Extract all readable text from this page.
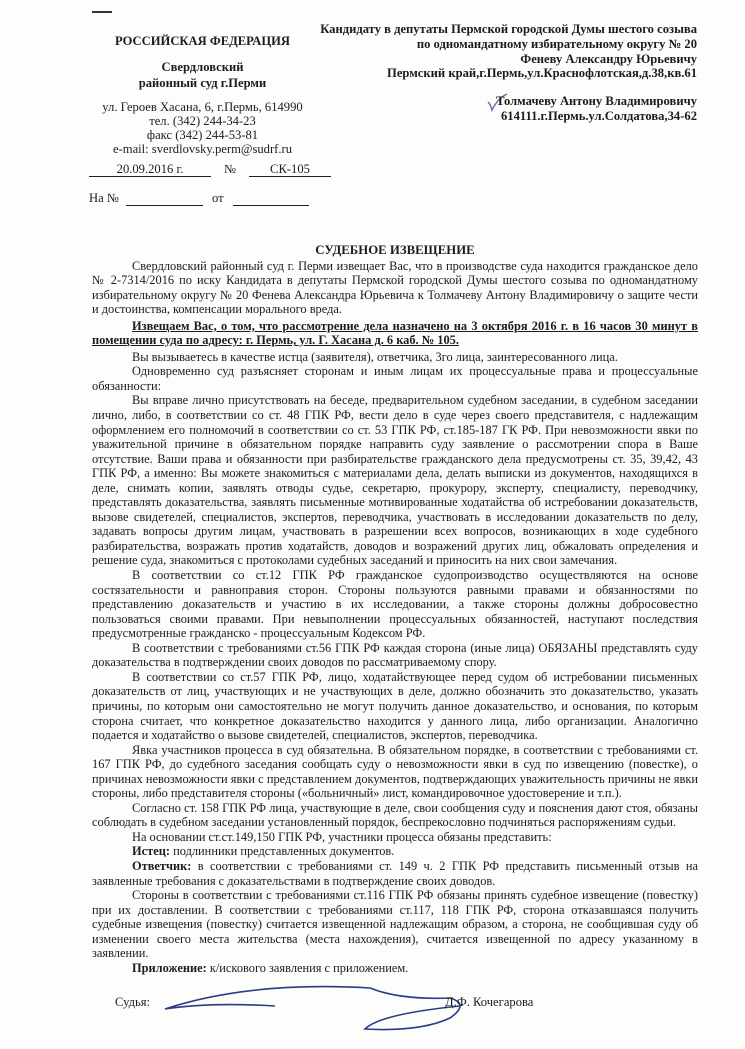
РОССИЙСКАЯ ФЕДЕРАЦИЯ
Свердловский
районный суд г.Перми
ул. Героев Хасана, 6, г.Пермь, 614990
тел. (342) 244-34-23
факс (342) 244-53-81
e-mail: sverdlovsky.perm@sudrf.ru
20.09.2016 г.	№	СК-105
На №	от
Кандидату в депутаты Пермской городской Думы шестого созыва
по одномандатному избирательному округу № 20
Феневу Александру Юрьевичу
Пермский край,г.Пермь,ул.Краснофлотская,д.38,кв.61
Толмачеву Антону Владимировичу
614111.г.Пермь.ул.Солдатова,34-62

СУДЕБНОЕ ИЗВЕЩЕНИЕ

Свердловский районный суд г. Перми извещает Вас, что в производстве суда находится гражданское дело № 2-7314/2016 по иску Кандидата в депутаты Пермской городской Думы шестого созыва по одномандатному избирательному округу № 20 Фенева Александра Юрьевича к Толмачеву Антону Владимировичу о защите чести и достоинства, компенсации морального вреда.

Извещаем Вас, о том, что рассмотрение дела назначено на 3 октября 2016 г. в 16 часов 30 минут в помещении суда по адресу: г. Пермь, ул. Г. Хасана д. 6 каб. № 105.

Вы вызываетесь в качестве истца (заявителя), ответчика, 3го лица, заинтересованного лица.

Одновременно суд разъясняет сторонам и иным лицам их процессуальные права и процессуальные обязанности:

Вы вправе лично присутствовать на беседе, предварительном судебном заседании, в судебном заседании лично, либо, в соответствии со ст. 48 ГПК РФ, вести дело в суде через своего представителя, с надлежащим оформлением его полномочий в соответствии со ст. 53 ГПК РФ, ст.185-187 ГК РФ. При невозможности явки по уважительной причине в обязательном порядке направить суду заявление о рассмотрении спора в Ваше отсутствие. Ваши права и обязанности при разбирательстве гражданского дела предусмотрены ст. 35, 39,42, 43 ГПК РФ, а именно: Вы можете знакомиться с материалами дела, делать выписки из документов, находящихся в деле, снимать копии, заявлять отводы судье, секретарю, прокурору, эксперту, специалисту, переводчику, представлять доказательства, заявлять письменные мотивированные ходатайства об истребовании доказательств, вызове свидетелей, специалистов, экспертов, переводчика, участвовать в исследовании доказательств по делу, задавать вопросы другим лицам, участвовать в разрешении всех вопросов, возникающих в ходе судебного разбирательства, возражать против ходатайств, доводов и возражений других лиц, обжаловать определения и решение суда, знакомиться с протоколами судебных заседаний и приносить на них свои замечания.

В соответствии со ст.12 ГПК РФ гражданское судопроизводство осуществляются на основе состязательности и равноправия сторон. Стороны пользуются равными правами и обязанностями по представлению доказательств и участию в их исследовании, а также стороны должны добросовестно пользоваться своими правами. При невыполнении процессуальных обязанностей, наступают последствия предусмотренные гражданско - процессуальным Кодексом РФ.

В соответствии с требованиями ст.56 ГПК РФ каждая сторона (иные лица) ОБЯЗАНЫ представлять суду доказательства в подтверждении своих доводов по рассматриваемому спору.

В соответствии со ст.57 ГПК РФ, лицо, ходатайствующее перед судом об истребовании письменных доказательств от лиц, участвующих и не участвующих в деле, должно обозначить это доказательство, указать причины, по которым они самостоятельно не могут получить данное доказательство, и основания, по которым сторона считает, что конкретное доказательство находится у данного лица, либо организации. Аналогично подается и ходатайство о вызове свидетелей, специалистов, экспертов, переводчика.

Явка участников процесса в суд обязательна. В обязательном порядке, в соответствии с требованиями ст. 167 ГПК РФ, до судебного заседания сообщать суду о невозможности явки в суд по извещению (повестке), о причинах невозможности явки с представлением документов, подтверждающих уважительность причины не явки стороны, либо представителя стороны («больничный» лист, командировочное удостоверение и т.п.).

Согласно ст. 158 ГПК РФ лица, участвующие в деле, свои сообщения суду и пояснения дают стоя, обязаны соблюдать в судебном заседании установленный порядок, беспрекословно подчиняться распоряжениям судьи.

На основании ст.ст.149,150 ГПК РФ, участники процесса обязаны представить:

Истец: подлинники представленных документов.

Ответчик: в соответствии с требованиями ст. 149 ч. 2 ГПК РФ представить письменный отзыв на заявленные требования с доказательствами в подтверждение своих доводов.

Стороны в соответствии с требованиями ст.116 ГПК РФ обязаны принять судебное извещение (повестку) при их доставлении. В соответствии с требованиями ст.117, 118 ГПК РФ, сторона отказавшаяся получить судебные извещения (повестку) считается извещенной надлежащим образом, а сторона, не сообщившая суду об изменении своего места жительства (места нахождения), считается извещенной по адресу указанному в заявлении.

Приложение: к/искового заявления с приложением.

Судья:	Д.Ф. Кочегарова
